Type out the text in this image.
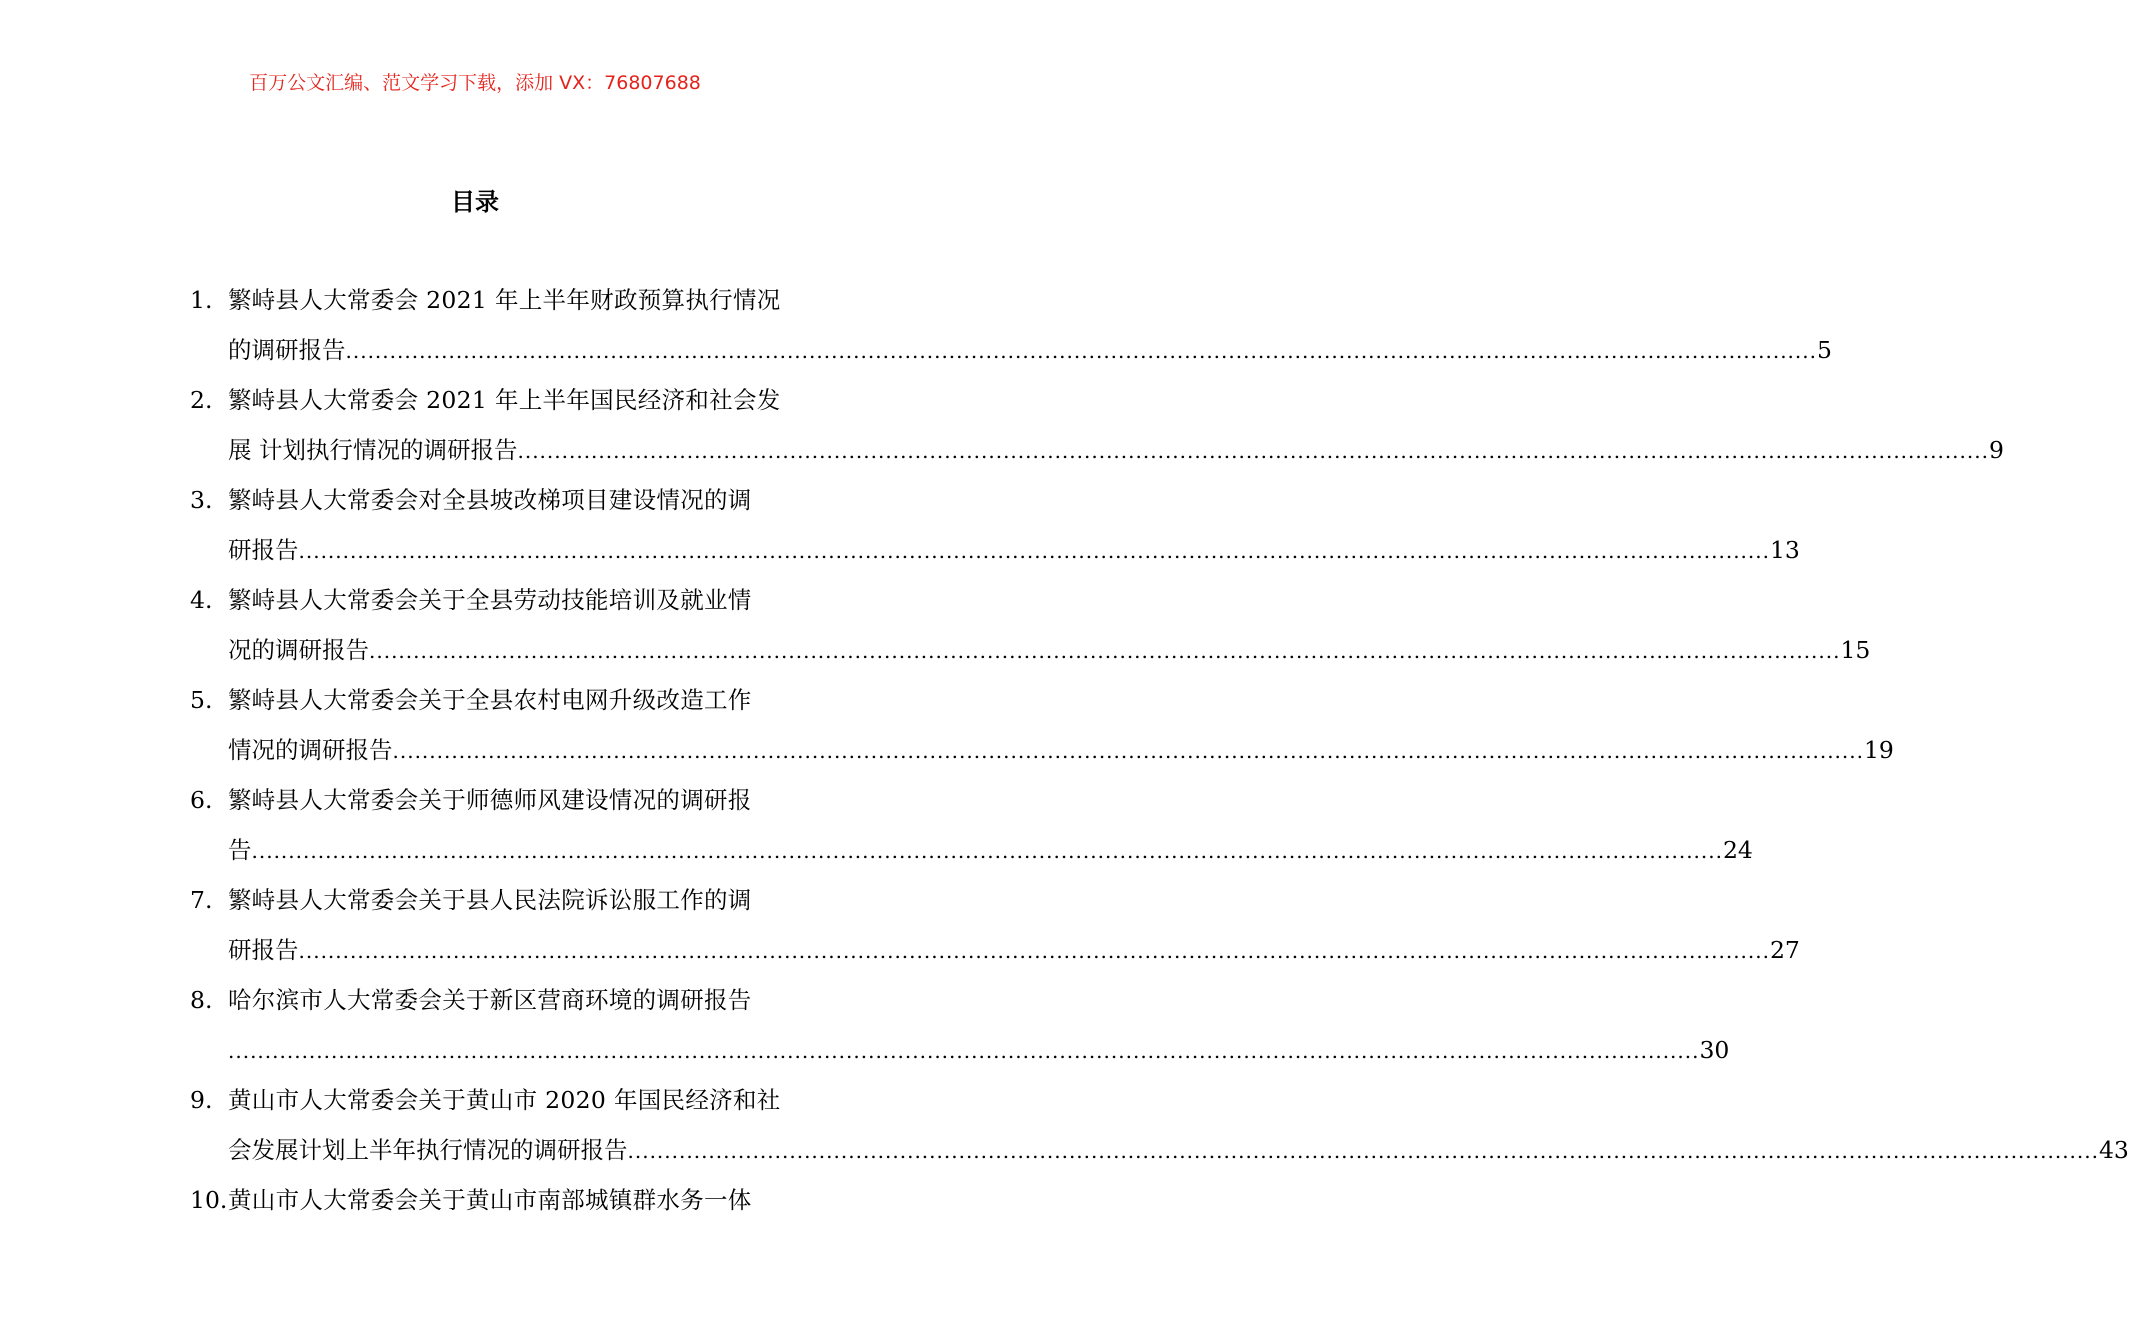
百万公文汇编、范文学习下载，添加 VX：76807688
目录
1. 繁峙县人大常委会 2021 年上半年财政预算执行情况
的调研报告 ........................................................................................................................................................................................................ 5
2. 繁峙县人大常委会 2021 年上半年国民经济和社会发
展 计划执行情况的调研报告 ........................................................................................................................................................................................................ 9
3. 繁峙县人大常委会对全县坡改梯项目建设情况的调
研报告 ........................................................................................................................................................................................................ 13
4. 繁峙县人大常委会关于全县劳动技能培训及就业情
况的调研报告 ........................................................................................................................................................................................................ 15
5. 繁峙县人大常委会关于全县农村电网升级改造工作
情况的调研报告 ........................................................................................................................................................................................................ 19
6. 繁峙县人大常委会关于师德师风建设情况的调研报
告 ........................................................................................................................................................................................................ 24
7. 繁峙县人大常委会关于县人民法院诉讼服工作的调
研报告 ........................................................................................................................................................................................................ 27
8. 哈尔滨市人大常委会关于新区营商环境的调研报告
........................................................................................................................................................................................................ 30
9. 黄山市人大常委会关于黄山市 2020 年国民经济和社
会发展计划上半年执行情况的调研报告 ........................................................................................................................................................................................................ 43
10. 黄山市人大常委会关于黄山市南部城镇群水务一体
